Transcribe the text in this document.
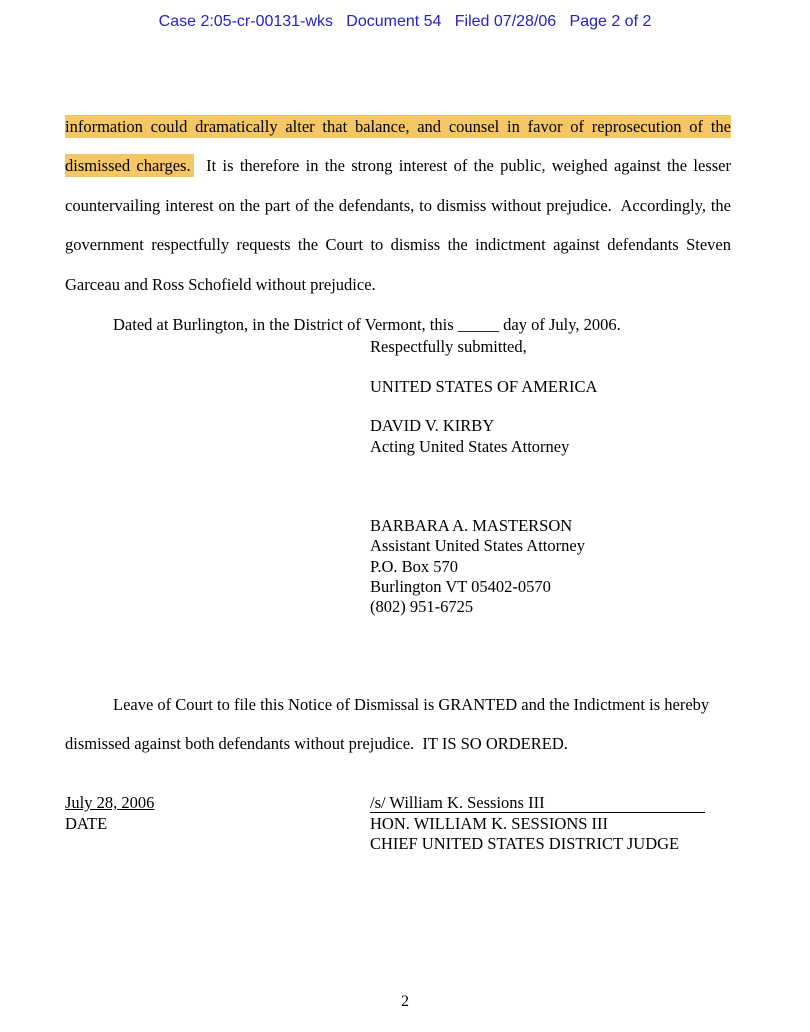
Case 2:05-cr-00131-wks   Document 54   Filed 07/28/06   Page 2 of 2

information could dramatically alter that balance, and counsel in favor of reprosecution of the dismissed charges.  It is therefore in the strong interest of the public, weighed against the lesser countervailing interest on the part of the defendants, to dismiss without prejudice.  Accordingly, the government respectfully requests the Court to dismiss the indictment against defendants Steven Garceau and Ross Schofield without prejudice.

Dated at Burlington, in the District of Vermont, this _____ day of July, 2006.

Respectfully submitted,
UNITED STATES OF AMERICA
DAVID V. KIRBY
Acting United States Attorney
BARBARA A. MASTERSON
Assistant United States Attorney
P.O. Box 570
Burlington VT 05402-0570
(802) 951-6725

Leave of Court to file this Notice of Dismissal is GRANTED and the Indictment is hereby dismissed against both defendants without prejudice.  IT IS SO ORDERED.

July 28, 2006
DATE
/s/ William K. Sessions III
HON. WILLIAM K. SESSIONS III
CHIEF UNITED STATES DISTRICT JUDGE
2
